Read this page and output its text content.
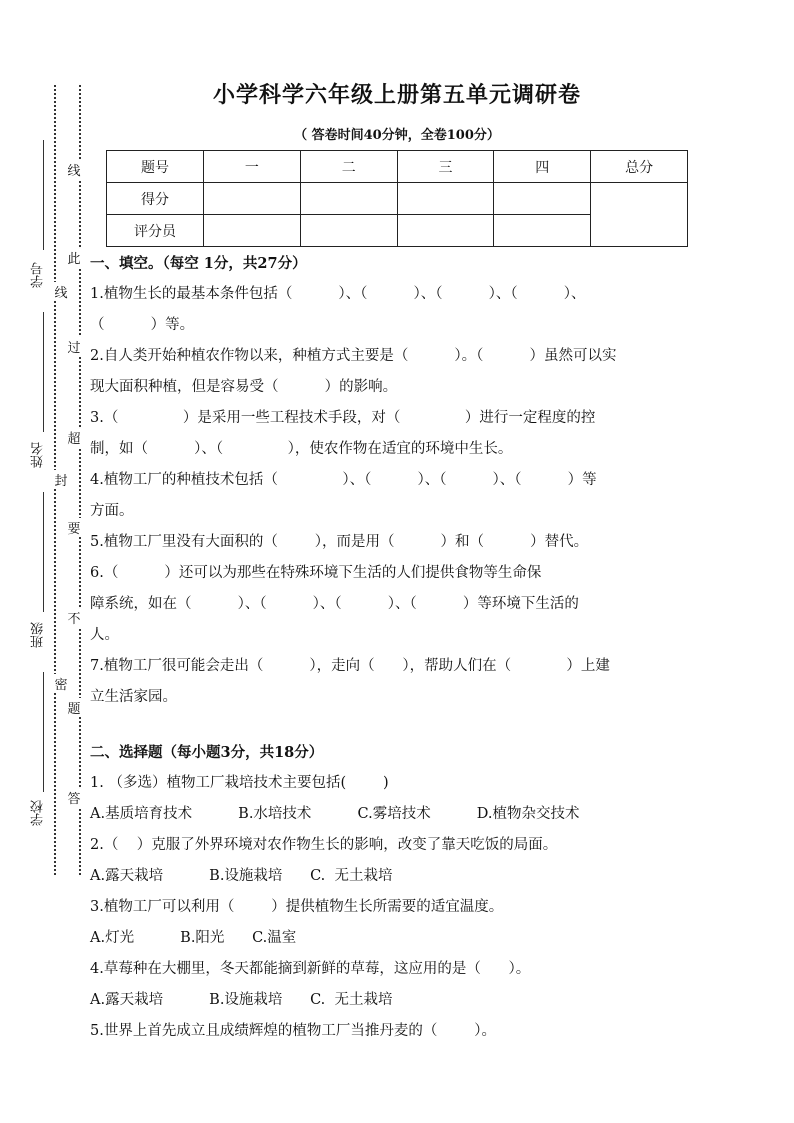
学号
姓名
班级
学校
线
封
密
线
此
过
超
要
不
题
答
小学科学六年级上册第五单元调研卷
（ 答卷时间40分钟，全卷100分）
题号	一	二	三	四	总分
得分					
评分员					
一、填空。（每空 1分，共27分）
1.植物生长的最基本条件包括（          ）、（          ）、（          ）、（          ）、
（          ）等。
2.自人类开始种植农作物以来，种植方式主要是（          ）。（          ）虽然可以实
现大面积种植，但是容易受（          ）的影响。
3.（              ）是采用一些工程技术手段，对（              ）进行一定程度的控
制，如（          ）、（              ），使农作物在适宜的环境中生长。
4.植物工厂的种植技术包括（              ）、（          ）、（          ）、（          ）等
方面。
5.植物工厂里没有大面积的（        ），而是用（          ）和（          ）替代。
6.（          ）还可以为那些在特殊环境下生活的人们提供食物等生命保
障系统，如在（          ）、（          ）、（          ）、（          ）等环境下生活的
人。
7.植物工厂很可能会走出（          ），走向（      ），帮助人们在（            ）上建
立生活家园。
二、选择题（每小题3分，共18分）
1. （多选）植物工厂栽培技术主要包括(        )
A.基质培育技术          B.水培技术          C.雾培技术          D.植物杂交技术
2.（    ）克服了外界环境对农作物生长的影响，改变了靠天吃饭的局面。
A.露天栽培          B.设施栽培      C.  无土栽培
3.植物工厂可以利用（        ）提供植物生长所需要的适宜温度。
A.灯光          B.阳光      C.温室
4.草莓种在大棚里，冬天都能摘到新鲜的草莓，这应用的是（      ）。
A.露天栽培          B.设施栽培      C.  无土栽培
5.世界上首先成立且成绩辉煌的植物工厂当推丹麦的（        ）。
